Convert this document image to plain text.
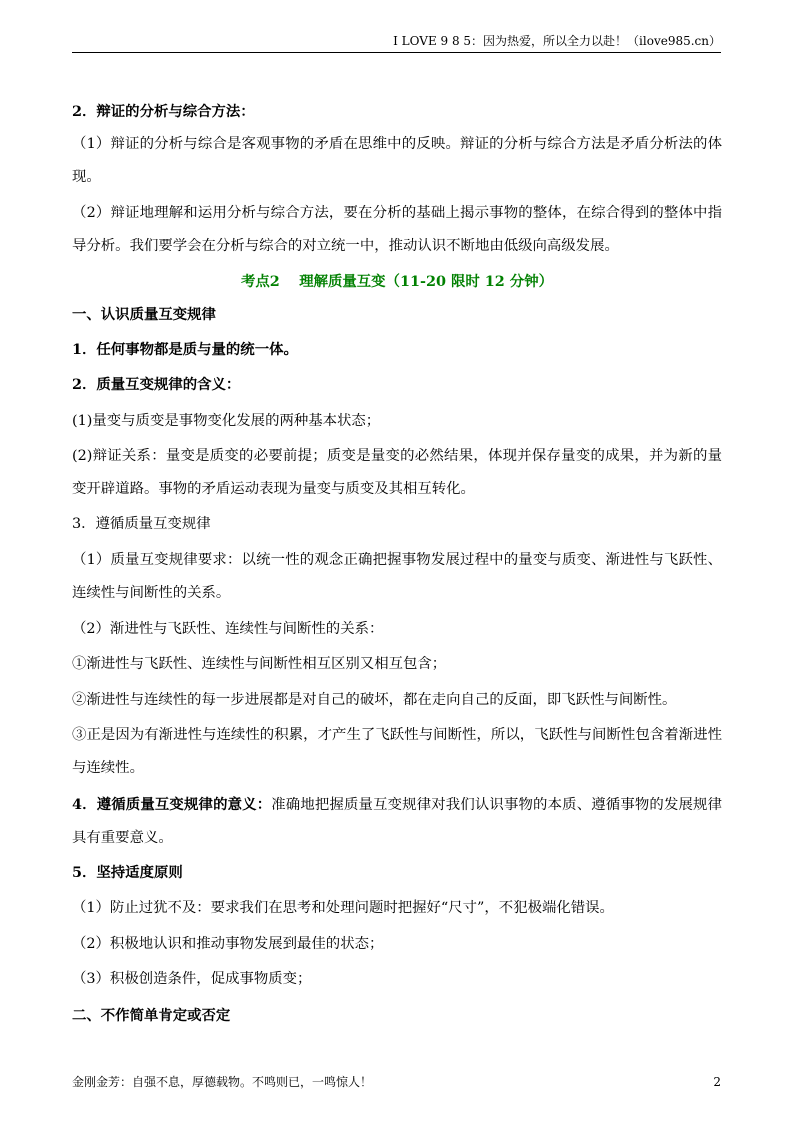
I LOVE 9 8 5：因为热爱，所以全力以赴！（ilove985.cn）

2．辩证的分析与综合方法：

（1）辩证的分析与综合是客观事物的矛盾在思维中的反映。辩证的分析与综合方法是矛盾分析法的体现。

（2）辩证地理解和运用分析与综合方法，要在分析的基础上揭示事物的整体，在综合得到的整体中指导分析。我们要学会在分析与综合的对立统一中，推动认识不断地由低级向高级发展。

考点2　 理解质量互变（11-20 限时 12 分钟）

一、认识质量互变规律

1．任何事物都是质与量的统一体。

2．质量互变规律的含义：

(1)量变与质变是事物变化发展的两种基本状态；

(2)辩证关系：量变是质变的必要前提；质变是量变的必然结果，体现并保存量变的成果，并为新的量变开辟道路。事物的矛盾运动表现为量变与质变及其相互转化。

3．遵循质量互变规律

（1）质量互变规律要求：以统一性的观念正确把握事物发展过程中的量变与质变、渐进性与飞跃性、连续性与间断性的关系。

（2）渐进性与飞跃性、连续性与间断性的关系：

①渐进性与飞跃性、连续性与间断性相互区别又相互包含；

②渐进性与连续性的每一步进展都是对自己的破坏，都在走向自己的反面，即飞跃性与间断性。

③正是因为有渐进性与连续性的积累，才产生了飞跃性与间断性，所以，飞跃性与间断性包含着渐进性与连续性。

4．遵循质量互变规律的意义：准确地把握质量互变规律对我们认识事物的本质、遵循事物的发展规律具有重要意义。

5．坚持适度原则

（1）防止过犹不及：要求我们在思考和处理问题时把握好“尺寸”，不犯极端化错误。

（2）积极地认识和推动事物发展到最佳的状态；

（3）积极创造条件，促成事物质变；

二、不作简单肯定或否定

金刚金芳：自强不息，厚德载物。不鸣则已，一鸣惊人！	2
